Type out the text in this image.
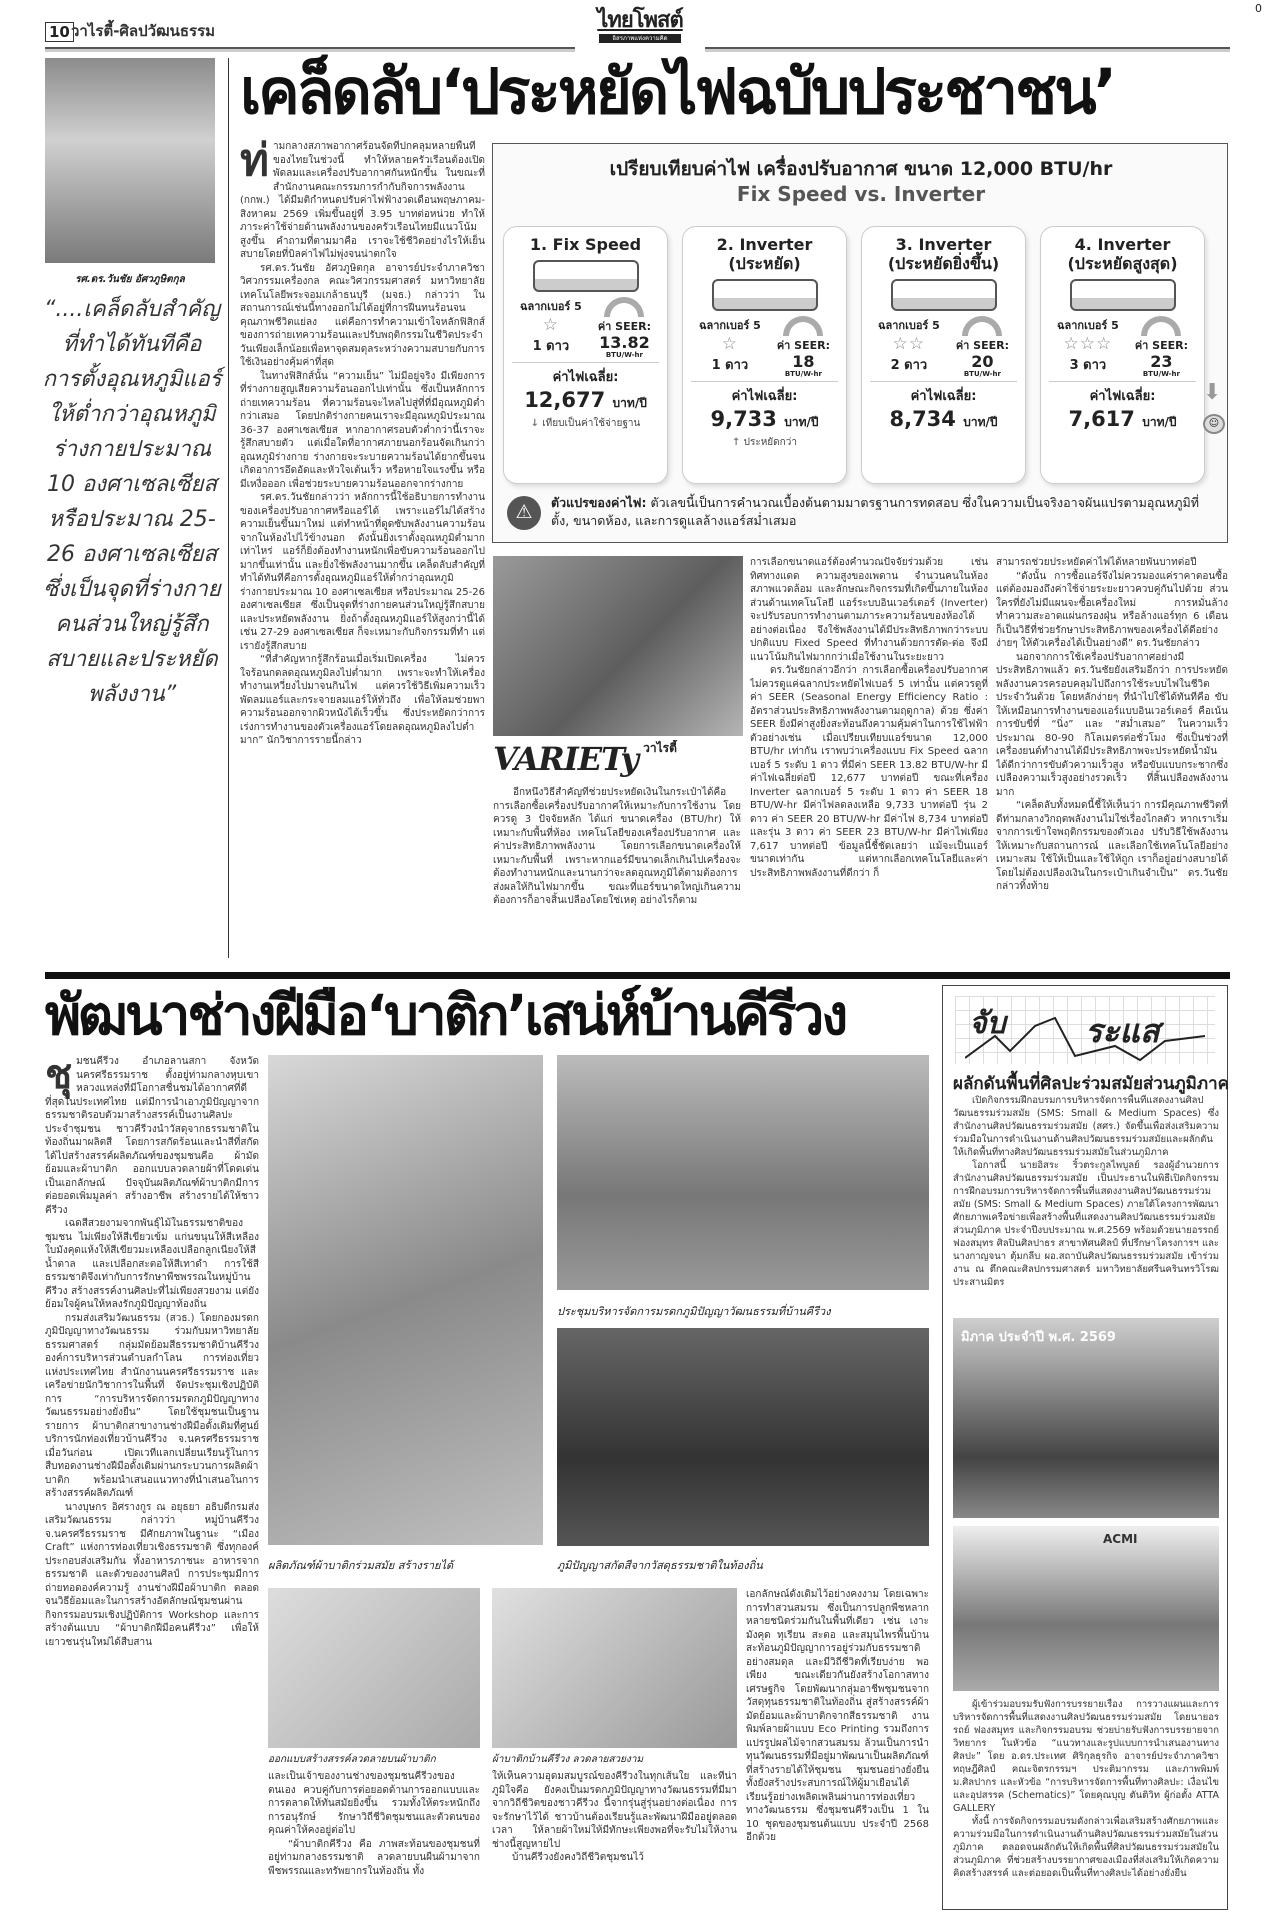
10 วาไรตี้-ศิลปวัฒนธรรม	ไทยโพสต์
อิสรภาพแห่งความคิด
0
รศ.ดร.วันชัย อัศวภูษิตกุล
“....เคล็ดลับสำคัญที่ทำได้ทันทีคือ การตั้งอุณหภูมิแอร์ให้ต่ำกว่าอุณหภูมิร่างกายประมาณ 10 องศาเซลเซียส หรือประมาณ 25-26 องศาเซลเซียส ซึ่งเป็นจุดที่ร่างกายคนส่วนใหญ่รู้สึกสบายและประหยัดพลังงาน”
เคล็ดลับ‘ประหยัดไฟฉบับประชาชน’
ท่ ามกลางสภาพอากาศร้อนจัดที่ปกคลุมหลายพื้นที่ของไทยในช่วงนี้ ทำให้หลายครัวเรือนต้องเปิดพัดลมและเครื่องปรับอากาศกันหนักขึ้น ในขณะที่สำนักงานคณะกรรมการกำกับกิจการพลังงาน (กกพ.) ได้มีมติกำหนดปรับค่าไฟฟ้างวดเดือนพฤษภาคม-สิงหาคม 2569 เพิ่มขึ้นอยู่ที่ 3.95 บาทต่อหน่วย ทำให้ภาระค่าใช้จ่ายด้านพลังงานของครัวเรือนไทยมีแนวโน้มสูงขึ้น คำถามที่ตามมาคือ เราจะใช้ชีวิตอย่างไรให้เย็นสบายโดยที่บิลค่าไฟไม่พุ่งจนน่าตกใจ

รศ.ดร.วันชัย อัศวภูษิตกุล อาจารย์ประจำภาควิชาวิศวกรรมเครื่องกล คณะวิศวกรรมศาสตร์ มหาวิทยาลัยเทคโนโลยีพระจอมเกล้าธนบุรี (มจธ.) กล่าวว่า ในสถานการณ์เช่นนี้ทางออกไม่ได้อยู่ที่การฝืนทนร้อนจนคุณภาพชีวิตแย่ลง แต่คือการทำความเข้าใจหลักฟิสิกส์ของการถ่ายเทความร้อนและปรับพฤติกรรมในชีวิตประจำวันเพียงเล็กน้อยเพื่อหาจุดสมดุลระหว่างความสบายกับการใช้เงินอย่างคุ้มค่าที่สุด

ในทางฟิสิกส์นั้น “ความเย็น” ไม่มีอยู่จริง มีเพียงการที่ร่างกายสูญเสียความร้อนออกไปเท่านั้น ซึ่งเป็นหลักการถ่ายเทความร้อน ที่ความร้อนจะไหลไปสู่ที่ที่มีอุณหภูมิต่ำกว่าเสมอ โดยปกติร่างกายคนเราจะมีอุณหภูมิประมาณ 36-37 องศาเซลเซียส หากอากาศรอบตัวต่ำกว่านี้เราจะรู้สึกสบายตัว แต่เมื่อใดที่อากาศภายนอกร้อนจัดเกินกว่าอุณหภูมิร่างกาย ร่างกายจะระบายความร้อนได้ยากขึ้นจนเกิดอาการอึดอัดและหัวใจเต้นเร็ว หรือหายใจแรงขึ้น หรือมีเหงื่อออก เพื่อช่วยระบายความร้อนออกจากร่างกาย

รศ.ดร.วันชัยกล่าวว่า หลักการนี้ใช้อธิบายการทำงานของเครื่องปรับอากาศหรือแอร์ได้ เพราะแอร์ไม่ได้สร้างความเย็นขึ้นมาใหม่ แต่ทำหน้าที่ดูดซับพลังงานความร้อนจากในห้องไปไว้ข้างนอก ดังนั้นยิ่งเราตั้งอุณหภูมิต่ำมากเท่าไหร่ แอร์ก็ยิ่งต้องทำงานหนักเพื่อขับความร้อนออกไปมากขึ้นเท่านั้น และยิ่งใช้พลังงานมากขึ้น เคล็ดลับสำคัญที่ทำได้ทันทีคือการตั้งอุณหภูมิแอร์ให้ต่ำกว่าอุณหภูมิร่างกายประมาณ 10 องศาเซลเซียส หรือประมาณ 25-26 องศาเซลเซียส ซึ่งเป็นจุดที่ร่างกายคนส่วนใหญ่รู้สึกสบายและประหยัดพลังงาน ยิ่งถ้าตั้งอุณหภูมิแอร์ให้สูงกว่านี้ได้เช่น 27-29 องศาเซลเซียส ก็จะเหมาะกับกิจกรรมที่ทำ แต่เรายังรู้สึกสบาย

“ที่สำคัญหากรู้สึกร้อนเมื่อเริ่มเปิดเครื่อง ไม่ควรใจร้อนกดลดอุณหภูมิลงไปต่ำมาก เพราะจะทำให้เครื่องทำงานเหวี่ยงไปมาจนกินไฟ แต่ควรใช้วิธีเพิ่มความเร็วพัดลมแอร์และกระจายลมแอร์ให้ทั่วถึง เพื่อให้ลมช่วยพาความร้อนออกจากผิวหนังได้เร็วขึ้น ซึ่งประหยัดกว่าการเร่งการทำงานของตัวเครื่องแอร์โดยลดอุณหภูมิลงไปต่ำมาก” นักวิชาการรายนี้กล่าว

เปรียบเทียบค่าไฟ เครื่องปรับอากาศ ขนาด 12,000 BTU/hr
Fix Speed vs. Inverter
1. Fix Speed

ฉลากเบอร์ 5
☆
1 ดาว
ค่า SEER:
13.82
BTU/W-hr
ค่าไฟเฉลี่ย:
12,677 บาท/ปี
↓ เทียบเป็นค่าใช้จ่ายฐาน
2. Inverter
(ประหยัด)
ฉลากเบอร์ 5
☆
1 ดาว
ค่า SEER:
18
BTU/W-hr
ค่าไฟเฉลี่ย:
9,733 บาท/ปี
↑ ประหยัดกว่า
3. Inverter
(ประหยัดยิ่งขึ้น)
ฉลากเบอร์ 5
☆☆
2 ดาว
ค่า SEER:
20
BTU/W-hr
ค่าไฟเฉลี่ย:
8,734 บาท/ปี
4. Inverter
(ประหยัดสูงสุด)
ฉลากเบอร์ 5
☆☆☆
3 ดาว
ค่า SEER:
23
BTU/W-hr
ค่าไฟเฉลี่ย:
7,617 บาท/ปี
⬇
☺
⚠	ตัวแปรของค่าไฟ: ตัวเลขนี้เป็นการคำนวณเบื้องต้นตามมาตรฐานการทดสอบ ซึ่งในความเป็นจริงอาจผันแปรตามอุณหภูมิที่ตั้ง, ขนาดห้อง, และการดูแลล้างแอร์สม่ำเสมอ
VARIETy $^{วาไรตี้}$

อีกหนึ่งวิธีสำคัญที่ช่วยประหยัดเงินในกระเป๋าได้คือ การเลือกซื้อเครื่องปรับอากาศให้เหมาะกับการใช้งาน โดยควรดู 3 ปัจจัยหลัก ได้แก่ ขนาดเครื่อง (BTU/hr) ให้เหมาะกับพื้นที่ห้อง เทคโนโลยีของเครื่องปรับอากาศ และค่าประสิทธิภาพพลังงาน โดยการเลือกขนาดเครื่องให้เหมาะกับพื้นที่ เพราะหากแอร์มีขนาดเล็กเกินไปเครื่องจะต้องทำงานหนักและนานกว่าจะลดอุณหภูมิได้ตามต้องการ ส่งผลให้กินไฟมากขึ้น ขณะที่แอร์ขนาดใหญ่เกินความต้องการก็อาจสิ้นเปลืองโดยใช่เหตุ อย่างไรก็ตาม

การเลือกขนาดแอร์ต้องคำนวณปัจจัยร่วมด้วย เช่น ทิศทางแดด ความสูงของเพดาน จำนวนคนในห้อง สภาพแวดล้อม และลักษณะกิจกรรมที่เกิดขึ้นภายในห้อง ส่วนด้านเทคโนโลยี แอร์ระบบอินเวอร์เตอร์ (Inverter) จะปรับรอบการทำงานตามภาระความร้อนของห้องได้อย่างต่อเนื่อง จึงใช้พลังงานได้มีประสิทธิภาพกว่าระบบปกติแบบ Fixed Speed ที่ทำงานด้วยการตัด-ต่อ จึงมีแนวโน้มกินไฟมากกว่าเมื่อใช้งานในระยะยาว

ดร.วันชัยกล่าวอีกว่า การเลือกซื้อเครื่องปรับอากาศไม่ควรดูแค่ฉลากประหยัดไฟเบอร์ 5 เท่านั้น แต่ควรดูที่ค่า SEER (Seasonal Energy Efficiency Ratio : อัตราส่วนประสิทธิภาพพลังงานตามฤดูกาล) ด้วย ซึ่งค่า SEER ยิ่งมีค่าสูงยิ่งสะท้อนถึงความคุ้มค่าในการใช้ไฟฟ้า ตัวอย่างเช่น เมื่อเปรียบเทียบแอร์ขนาด 12,000 BTU/hr เท่ากัน เราพบว่าเครื่องแบบ Fix Speed ฉลากเบอร์ 5 ระดับ 1 ดาว ที่มีค่า SEER 13.82 BTU/W-hr มีค่าไฟเฉลี่ยต่อปี 12,677 บาทต่อปี ขณะที่เครื่อง Inverter ฉลากเบอร์ 5 ระดับ 1 ดาว ค่า SEER 18 BTU/W-hr มีค่าไฟลดลงเหลือ 9,733 บาทต่อปี รุ่น 2 ดาว ค่า SEER 20 BTU/W-hr มีค่าไฟ 8,734 บาทต่อปี และรุ่น 3 ดาว ค่า SEER 23 BTU/W-hr มีค่าไฟเพียง 7,617 บาทต่อปี ข้อมูลนี้ชี้ชัดเลยว่า แม้จะเป็นแอร์ขนาดเท่ากัน แต่หากเลือกเทคโนโลยีและค่าประสิทธิภาพพลังงานที่ดีกว่า ก็

สามารถช่วยประหยัดค่าไฟได้หลายพันบาทต่อปี

“ดังนั้น การซื้อแอร์จึงไม่ควรมองแค่ราคาตอนซื้อ แต่ต้องมองถึงค่าใช้จ่ายระยะยาวควบคู่กันไปด้วย ส่วนใครที่ยังไม่มีแผนจะซื้อเครื่องใหม่ การหมั่นล้างทำความสะอาดแผ่นกรองฝุ่น หรือล้างแอร์ทุก 6 เดือน ก็เป็นวิธีที่ช่วยรักษาประสิทธิภาพของเครื่องได้ดีอย่างง่ายๆ ให้ตัวเครื่องได้เป็นอย่างดี” ดร.วันชัยกล่าว

นอกจากการใช้เครื่องปรับอากาศอย่างมีประสิทธิภาพแล้ว ดร.วันชัยยังเสริมอีกว่า การประหยัดพลังงานควรครอบคลุมไปถึงการใช้ระบบไฟในชีวิตประจำวันด้วย โดยหลักง่ายๆ ที่นำไปใช้ได้ทันทีคือ ขับให้เหมือนการทำงานของแอร์แบบอินเวอร์เตอร์ คือเน้นการขับขี่ที่ “นิ่ง” และ “สม่ำเสมอ” ในความเร็วประมาณ 80-90 กิโลเมตรต่อชั่วโมง ซึ่งเป็นช่วงที่เครื่องยนต์ทำงานได้มีประสิทธิภาพจะประหยัดน้ำมันได้ดีกว่าการขับตัวความเร็วสูง หรือขับแบบกระชากซึ่งเปลืองความเร็วสูงอย่างรวดเร็ว ที่สิ้นเปลืองพลังงานมาก

“เคล็ดลับทั้งหมดนี้ชี้ให้เห็นว่า การมีคุณภาพชีวิตที่ดีท่ามกลางวิกฤตพลังงานไม่ใช่เรื่องไกลตัว หากเราเริ่มจากการเข้าใจพฤติกรรมของตัวเอง ปรับวิธีใช้พลังงานให้เหมาะกับสถานการณ์ และเลือกใช้เทคโนโลยีอย่างเหมาะสม ใช้ให้เป็นและใช้ให้ถูก เราก็อยู่อย่างสบายได้โดยไม่ต้องเปลืองเงินในกระเป๋าเกินจำเป็น” ดร.วันชัยกล่าวทิ้งท้าย

พัฒนาช่างฝีมือ‘บาติก’เสน่ห์บ้านคีรีวง
ชุ มชนคีรีวง อำเภอลานสกา จังหวัดนครศรีธรรมราช ตั้งอยู่ท่ามกลางหุบเขาหลวงแหล่งที่มีโอกาสชื่นชมได้อากาศที่ดีที่สุดในประเทศไทย แต่มีการนำเอาภูมิปัญญาจากธรรมชาติรอบตัวมาสร้างสรรค์เป็นงานศิลปะประจำชุมชน ชาวคีรีวงนำวัสดุจากธรรมชาติในท้องถิ่นมาผลิตสี โดยการสกัดร้อนและนำสีที่สกัดได้ไปสร้างสรรค์ผลิตภัณฑ์ของชุมชนคือ ผ้ามัดย้อมและผ้าบาติก ออกแบบลวดลายผ้าที่โดดเด่นเป็นเอกลักษณ์ ปัจจุบันผลิตภัณฑ์ผ้าบาติกมีการต่อยอดเพิ่มมูลค่า สร้างอาชีพ สร้างรายได้ให้ชาวคีรีวง

เฉดสีสวยงามจากพันธุ์ไม้ในธรรมชาติของชุมชน ไม่เพียงให้สีเขียวเข้ม แก่นขนุนให้สีเหลือง ใบมังคุดแห้งให้สีเขียวมะเหลืองเปลือกลูกเนียงให้สีน้ำตาล และเปลือกสะตอให้สีเทาดำ การใช้สีธรรมชาติจึงเท่ากับการรักษาพืชพรรณในหมู่บ้านคีรีวง สร้างสรรค์งานศิลปะที่ไม่เพียงสวยงาม แต่ยังย้อมใจผู้คนให้หลงรักภูมิปัญญาท้องถิ่น

กรมส่งเสริมวัฒนธรรม (สวธ.) โดยกองมรดกภูมิปัญญาทางวัฒนธรรม ร่วมกับมหาวิทยาลัยธรรมศาสตร์ กลุ่มมัดย้อมสีธรรมชาติบ้านคีรีวง องค์การบริหารส่วนตำบลกำโลน การท่องเที่ยวแห่งประเทศไทย สำนักงานนครศรีธรรมราช และเครือข่ายนักวิชาการในพื้นที่ จัดประชุมเชิงปฏิบัติการ “การบริหารจัดการมรดกภูมิปัญญาทางวัฒนธรรมอย่างยั่งยืน” โดยใช้ชุมชนเป็นฐาน รายการ ผ้าบาติกสาขางานช่างฝีมือดั้งเดิมที่ศูนย์บริการนักท่องเที่ยวบ้านคีรีวง จ.นครศรีธรรมราช เมื่อวันก่อน เปิดเวทีแลกเปลี่ยนเรียนรู้ในการสืบทอดงานช่างฝีมือดั้งเดิมผ่านกระบวนการผลิตผ้าบาติก พร้อมนำเสนอแนวทางที่นำเสนอในการสร้างสรรค์ผลิตภัณฑ์

นางบุษกร อิศรางกูร ณ อยุธยา อธิบดีกรมส่งเสริมวัฒนธรรม กล่าวว่า หมู่บ้านคีรีวง จ.นครศรีธรรมราช มีศักยภาพในฐานะ “เมือง Craft” แห่งการท่องเที่ยวเชิงธรรมชาติ ซึ่งทุกองค์ประกอบส่งเสริมกัน ทั้งอาหารภาชนะ อาหารจากธรรมชาติ และตัวของงานศิลป์ การประชุมมีการถ่ายทอดองค์ความรู้ งานช่างฝีมือผ้าบาติก ตลอดจนวิธีย้อมและในการสร้างอัตลักษณ์ชุมชนผ่านกิจกรรมอบรมเชิงปฏิบัติการ Workshop และการสร้างต้นแบบ “ผ้าบาติกฝีมือคนคีรีวง” เพื่อให้เยาวชนรุ่นใหม่ได้สืบสาน

ผลิตภัณฑ์ผ้าบาติกร่วมสมัย สร้างรายได้
ประชุมบริหารจัดการมรดกภูมิปัญญาวัฒนธรรมที่บ้านคีรีวง
ภูมิปัญญาสกัดสีจากวัสดุธรรมชาติในท้องถิ่น
ออกแบบสร้างสรรค์ลวดลายบนผ้าบาติก	ผ้าบาติกบ้านคีรีวง ลวดลายสวยงาม

เอกลักษณ์ดั้งเดิมไว้อย่างคงงาม โดยเฉพาะการทำสวนสมรม ซึ่งเป็นการปลูกพืชหลากหลายชนิดร่วมกันในพื้นที่เดียว เช่น เงาะ มังคุด ทุเรียน สะตอ และสมุนไพรพื้นบ้าน สะท้อนภูมิปัญญาการอยู่ร่วมกับธรรมชาติอย่างสมดุล และมีวิถีชีวิตที่เรียบง่าย พอเพียง ขณะเดียวกันยังสร้างโอกาสทางเศรษฐกิจ โดยพัฒนากลุ่มอาชีพชุมชนจากวัสดุทุนธรรมชาติในท้องถิ่น สู่สร้างสรรค์ผ้ามัดย้อมและผ้าบาติกจากสีธรรมชาติ งานพิมพ์ลายผ้าแบบ Eco Printing รวมถึงการแปรรูปผลไม้จากสวนสมรม ล้วนเป็นการนำทุนวัฒนธรรมที่มีอยู่มาพัฒนาเป็นผลิตภัณฑ์ที่สร้างรายได้ให้ชุมชน ชุมชนอย่างยั่งยืน ทั้งยังสร้างประสบการณ์ให้ผู้มาเยือนได้เรียนรู้อย่างเพลิดเพลินผ่านการท่องเที่ยวทางวัฒนธรรม ซึ่งชุมชนคีรีวงเป็น 1 ใน 10 ชุดของชุมชนต้นแบบ ประจำปี 2568 อีกด้วย

และเป็นเจ้าของงานช่างของชุมชนคีรีวงของตนเอง ควบคู่กับการต่อยอดด้านการออกแบบและการตลาดให้ทันสมัยยิ่งขึ้น รวมทั้งให้ตระหนักถึงการอนุรักษ์ รักษาวิถีชีวิตชุมชนและตัวตนของคุณค่าให้คงอยู่ต่อไป

“ผ้าบาติกคีรีวง คือ ภาพสะท้อนของชุมชนที่อยู่ท่ามกลางธรรมชาติ ลวดลายบนผืนผ้ามาจากพืชพรรณและทรัพยากรในท้องถิ่น ทั้ง

ให้เห็นความอุดมสมบูรณ์ของคีรีวงในทุกเส้นใย และที่น่าภูมิใจคือ ยังคงเป็นมรดกภูมิปัญญาทางวัฒนธรรมที่มีมาจากวิถีชีวิตของชาวคีรีวง นี้จากรุ่นสู่รุ่นอย่างต่อเนื่อง การจะรักษาไว้ได้ ชาวบ้านต้องเรียนรู้และพัฒนาฝีมืออยู่ตลอดเวลา ให้ลายผ้าใหม่ให้มีทักษะเพียงพอที่จะรับไม่ให้งานช่างนี้สูญหายไป

บ้านคีรีวงยังคงวิถีชีวิตชุมชนไว้

จับ ระแส
ผลักดันพื้นที่ศิลปะร่วมสมัยส่วนภูมิภาค

เปิดกิจกรรมฝึกอบรมการบริหารจัดการพื้นที่แสดงงานศิลปวัฒนธรรมร่วมสมัย (SMS: Small & Medium Spaces) ซึ่งสำนักงานศิลปวัฒนธรรมร่วมสมัย (สศร.) จัดขึ้นเพื่อส่งเสริมความร่วมมือในการดำเนินงานด้านศิลปวัฒนธรรมร่วมสมัยและผลักดันให้เกิดพื้นที่ทางศิลปวัฒนธรรมร่วมสมัยในส่วนภูมิภาค

โอกาสนี้ นายอิสระ ริ้วตระกูลไพบูลย์ รองผู้อำนวยการสำนักงานศิลปวัฒนธรรมร่วมสมัย เป็นประธานในพิธีเปิดกิจกรรมการฝึกอบรมการบริหารจัดการพื้นที่แสดงงานศิลปวัฒนธรรมร่วมสมัย (SMS: Small & Medium Spaces) ภายใต้โครงการพัฒนาศักยภาพเครือข่ายเพื่อสร้างพื้นที่แสดงงานศิลปวัฒนธรรมร่วมสมัยส่วนภูมิภาค ประจำปีงบประมาณ พ.ศ.2569 พร้อมด้วยนายอรรถย์ ฟองสมุทร ศิลปินศิลปาธร สาขาทัศนศิลป์ ที่ปรึกษาโครงการฯ และนางกาญจนา ตุ้มกลีบ ผอ.สถาบันศิลปวัฒนธรรมร่วมสมัย เข้าร่วมงาน ณ ตึกคณะศิลปกรรมศาสตร์ มหาวิทยาลัยศรีนครินทรวิโรฒ ประสานมิตร

มิภาค ประจำปี พ.ศ. 2569
ACMI

ผู้เข้าร่วมอบรมรับฟังการบรรยายเรื่อง การวางแผนและการบริหารจัดการพื้นที่แสดงงานศิลปวัฒนธรรมร่วมสมัย โดยนายอรรถย์ ฟองสมุทร และกิจกรรมอบรม ช่วยบ่ายรับฟังการบรรยายจากวิทยากร ในหัวข้อ “แนวทางและรูปแบบการนำเสนองานทางศิลปะ” โดย อ.ดร.ประเทศ ศิริกุลธุรกิจ อาจารย์ประจำภาควิชาทฤษฎีศิลป์ คณะจิตรกรรมฯ ประติมากรรม และภาพพิมพ์ ม.ศิลปากร และหัวข้อ “การบริหารจัดการพื้นที่ทางศิลปะ: เงื่อนไขและอุปสรรค (Schematics)” โดยคุณบุญ ตันติวิท ผู้ก่อตั้ง ATTA GALLERY

ทั้งนี้ การจัดกิจกรรมอบรมดังกล่าวเพื่อเสริมสร้างศักยภาพและความร่วมมือในการดำเนินงานด้านศิลปวัฒนธรรมร่วมสมัยในส่วนภูมิภาค ตลอดจนผลักดันให้เกิดพื้นที่ศิลปวัฒนธรรมร่วมสมัยในส่วนภูมิภาค ที่ช่วยสร้างบรรยากาศของเมืองที่ส่งเสริมให้เกิดความคิดสร้างสรรค์ และต่อยอดเป็นพื้นที่ทางศิลปะได้อย่างยั่งยืน
